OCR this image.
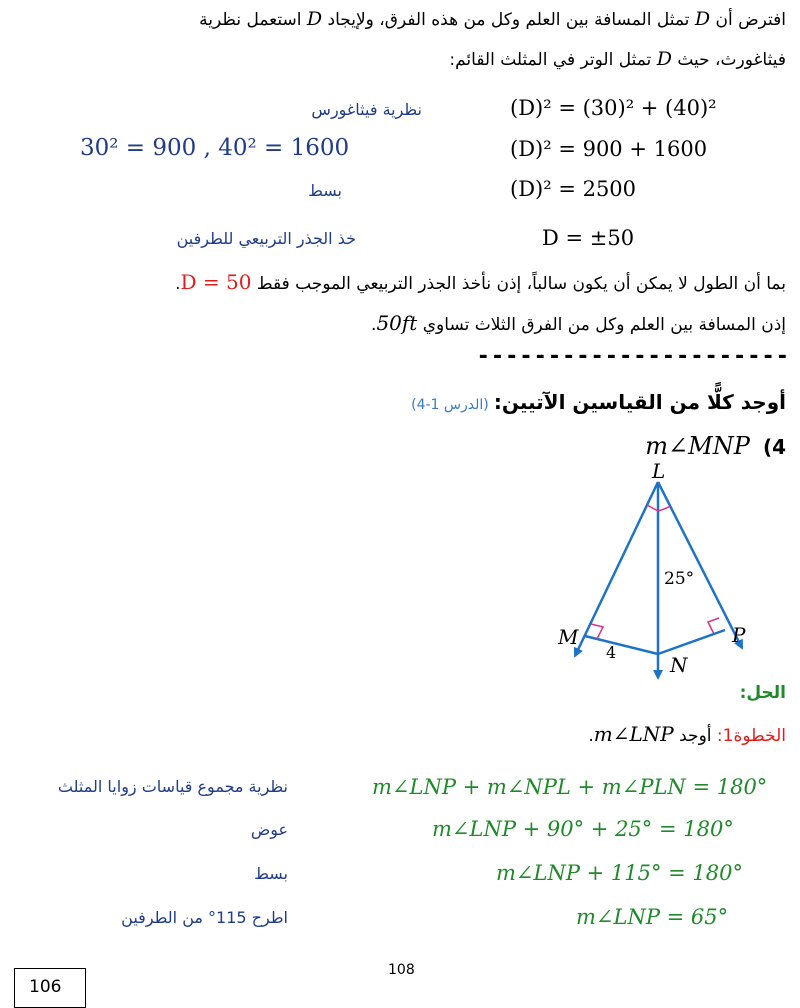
افترض أن D تمثل المسافة بين العلم وكل من هذه الفرق، ولإيجاد D استعمل نظرية
فيثاغورث، حيث D تمثل الوتر في المثلث القائم:
(D)² = (30)² + (40)²
نظرية فيثاغورس
(D)² = 900 + 1600
30² = 900 , 40² = 1600
(D)² = 2500
بسط
D = ±50
خذ الجذر التربيعي للطرفين
بما أن الطول لا يمكن أن يكون سالباً، إذن نأخذ الجذر التربيعي الموجب فقط D = 50.
إذن المسافة بين العلم وكل من الفرق الثلاث تساوي 50ft.
----------------------
أوجد كلًّا من القياسين الآتيين: (الدرس 1-4)
m∠MNP (4
L
M
N
P
25°
4
الحل:
الخطوة1: أوجد m∠LNP.
m∠LNP + m∠NPL + m∠PLN = 180°
نظرية مجموع قياسات زوايا المثلث
m∠LNP + 90° + 25° = 180°
عوض
m∠LNP + 115° = 180°
بسط
m∠LNP = 65°
اطرح 115° من الطرفين
108
106
